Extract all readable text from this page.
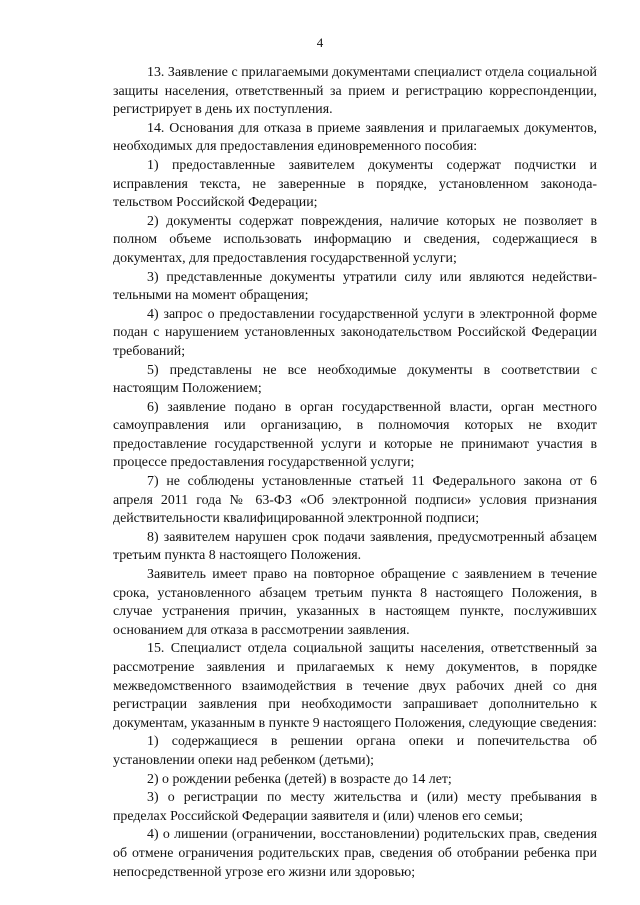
4

13. Заявление с прилагаемыми документами специалист отдела социальной защиты населения, ответственный за прием и регистрацию корреспонденции, регистрирует в день их поступления.

14. Основания для отказа в приеме заявления и прилагаемых документов, необходимых для предоставления единовременного пособия:

1) предоставленные заявителем документы содержат подчистки и исправления текста, не заверенные в порядке, установленном законода-тельством Российской Федерации;

2) документы содержат повреждения, наличие которых не позволяет в полном объеме использовать информацию и сведения, содержащиеся в документах, для предоставления государственной услуги;

3) представленные документы утратили силу или являются недействи-тельными на момент обращения;

4) запрос о предоставлении государственной услуги в электронной форме подан с нарушением установленных законодательством Российской Федерации требований;

5) представлены не все необходимые документы в соответствии с настоящим Положением;

6) заявление подано в орган государственной власти, орган местного самоуправления или организацию, в полномочия которых не входит предоставление государственной услуги и которые не принимают участия в процессе предоставления государственной услуги;

7) не соблюдены установленные статьей 11 Федерального закона от 6 апреля 2011 года № 63-ФЗ «Об электронной подписи» условия признания действительности квалифицированной электронной подписи;

8) заявителем нарушен срок подачи заявления, предусмотренный абзацем третьим пункта 8 настоящего Положения.

Заявитель имеет право на повторное обращение с заявлением в течение срока, установленного абзацем третьим пункта 8 настоящего Положения, в случае устранения причин, указанных в настоящем пункте, послуживших основанием для отказа в рассмотрении заявления.

15. Специалист отдела социальной защиты населения, ответственный за рассмотрение заявления и прилагаемых к нему документов, в порядке межведомственного взаимодействия в течение двух рабочих дней со дня регистрации заявления при необходимости запрашивает дополнительно к документам, указанным в пункте 9 настоящего Положения, следующие сведения:

1) содержащиеся в решении органа опеки и попечительства об установлении опеки над ребенком (детьми);

2) о рождении ребенка (детей) в возрасте до 14 лет;

3) о регистрации по месту жительства и (или) месту пребывания в пределах Российской Федерации заявителя и (или) членов его семьи;

4) о лишении (ограничении, восстановлении) родительских прав, сведения об отмене ограничения родительских прав, сведения об отобрании ребенка при непосредственной угрозе его жизни или здоровью;
